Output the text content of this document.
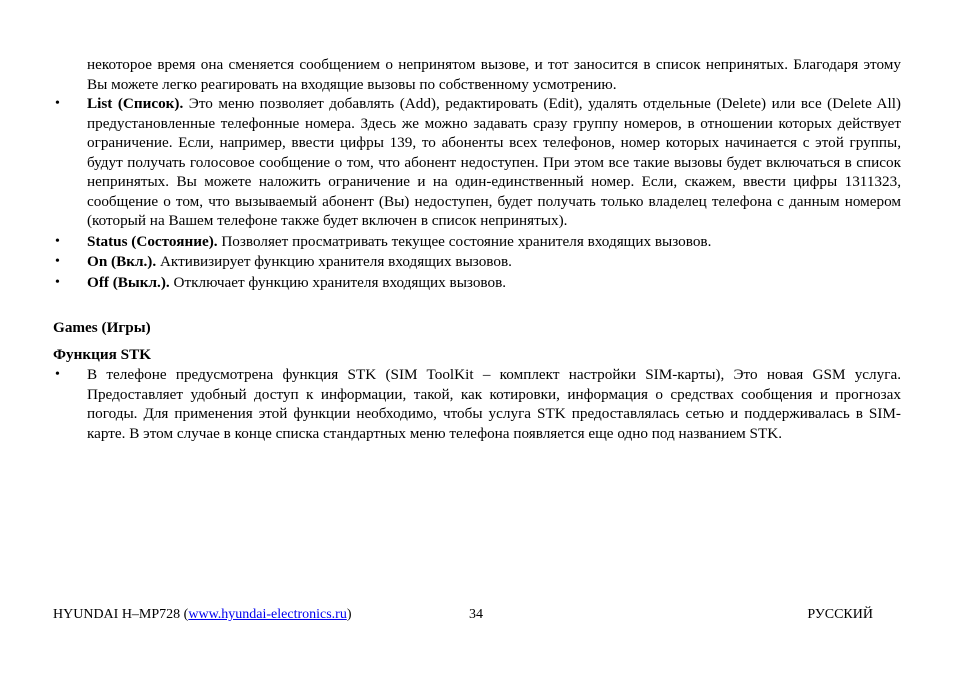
некоторое время она сменяется сообщением о непринятом вызове, и тот заносится в список непринятых. Благодаря этому Вы можете легко реагировать на входящие вызовы по собственному усмотрению.

• List (Список). Это меню позволяет добавлять (Add), редактировать (Edit), удалять отдельные (Delete) или все (Delete All) предустановленные телефонные номера. Здесь же можно задавать сразу группу номеров, в отношении которых действует ограничение. Если, например, ввести цифры 139, то абоненты всех телефонов, номер которых начинается с этой группы, будут получать голосовое сообщение о том, что абонент недоступен. При этом все такие вызовы будет включаться в список непринятых. Вы можете наложить ограничение и на один-единственный номер. Если, скажем, ввести цифры 1311323, сообщение о том, что вызываемый абонент (Вы) недоступен, будет получать только владелец телефона с данным номером (который на Вашем телефоне также будет включен в список непринятых).
• Status (Состояние). Позволяет просматривать текущее состояние хранителя входящих вызовов.
• On (Вкл.). Активизирует функцию хранителя входящих вызовов.
• Off (Выкл.). Отключает функцию хранителя входящих вызовов.
Games (Игры)
Функция STK
• В телефоне предусмотрена функция STK (SIM ToolKit – комплект настройки SIM-карты), Это новая GSM услуга. Предоставляет удобный доступ к информации, такой, как котировки, информация о средствах сообщения и прогнозах погоды. Для применения этой функции необходимо, чтобы услуга STK предоставлялась сетью и поддерживалась в SIM-карте. В этом случае в конце списка стандартных меню телефона появляется еще одно под названием STK.
HYUNDAI H–MP728 (www.hyundai-electronics.ru)	34	РУССКИЙ
